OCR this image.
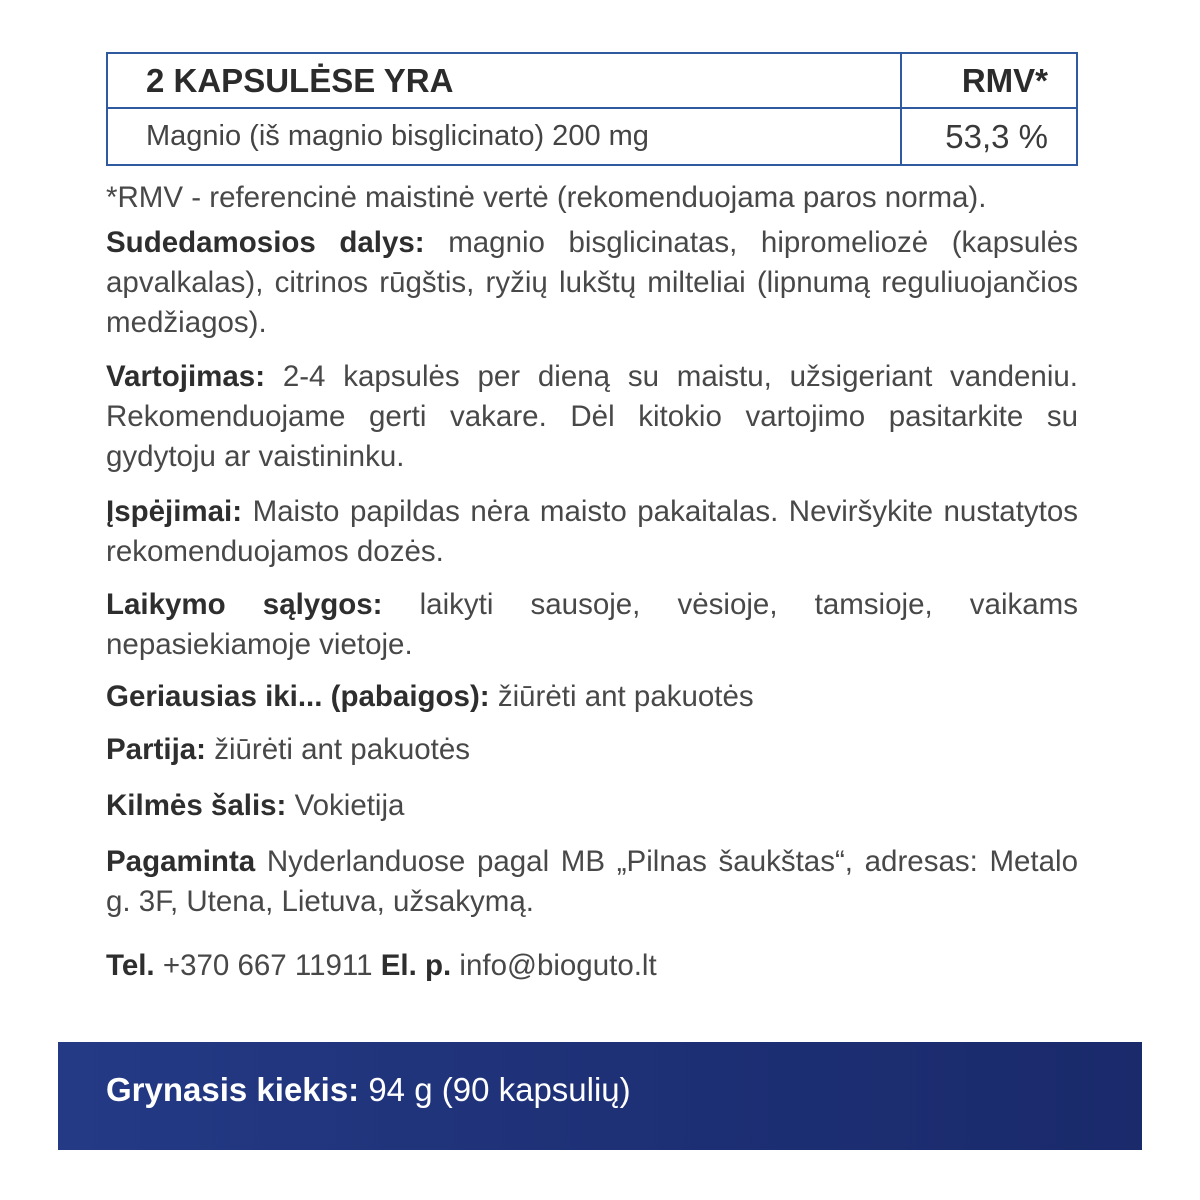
2 KAPSULĖSE YRA	RMV*
Magnio (iš magnio bisglicinato) 200 mg	53,3 %

*RMV - referencinė maistinė vertė (rekomenduojama paros norma).

Sudedamosios dalys: magnio bisglicinatas, hipromeliozė (kapsulės apvalkalas), citrinos rūgštis, ryžių lukštų milteliai (lipnumą reguliuojančios medžiagos).

Vartojimas: 2-4 kapsulės per dieną su maistu, užsigeriant vandeniu. Rekomenduojame gerti vakare. Dėl kitokio vartojimo pasitarkite su gydytoju ar vaistininku.

Įspėjimai: Maisto papildas nėra maisto pakaitalas. Neviršykite nustatytos rekomenduojamos dozės.

Laikymo sąlygos: laikyti sausoje, vėsioje, tamsioje, vaikams nepasiekiamoje vietoje.

Geriausias iki... (pabaigos): žiūrėti ant pakuotės

Partija: žiūrėti ant pakuotės

Kilmės šalis: Vokietija

Pagaminta Nyderlanduose pagal MB „Pilnas šaukštas“, adresas: Metalo g. 3F, Utena, Lietuva, užsakymą.

Tel. +370 667 11911 El. p. info@bioguto.lt

Grynasis kiekis: 94 g (90 kapsulių)
